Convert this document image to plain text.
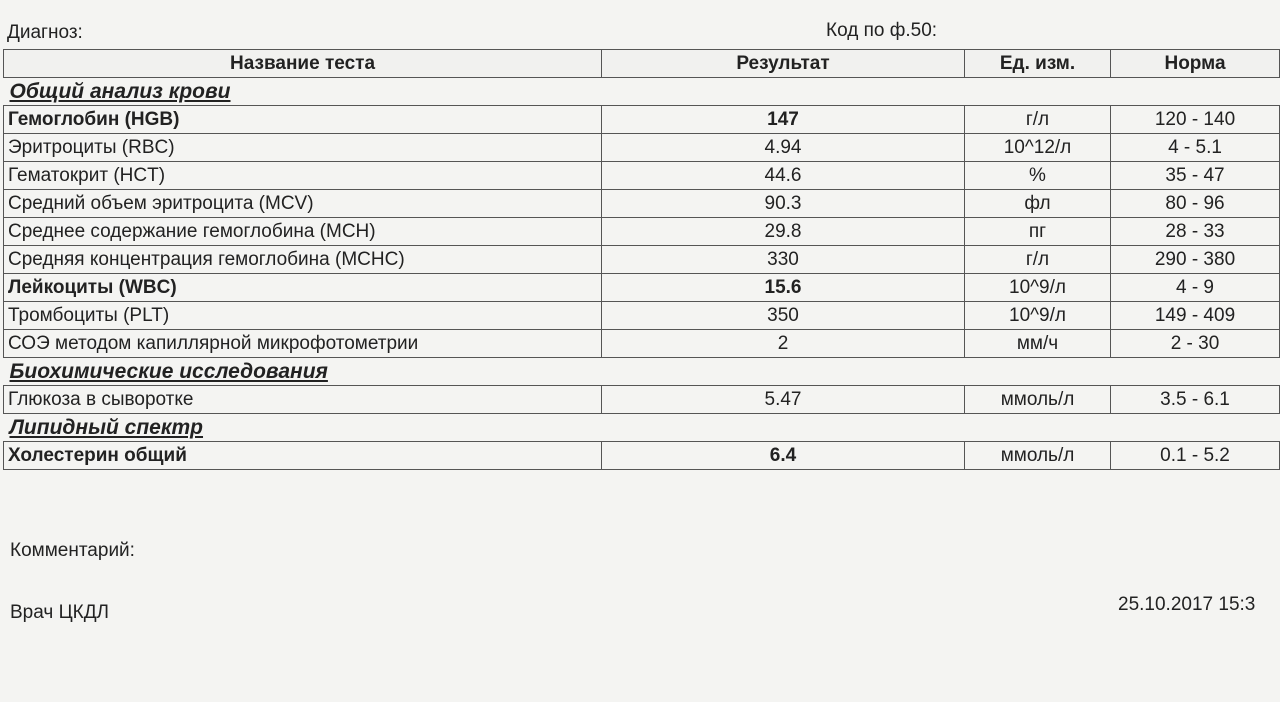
Диагноз:	Код по ф.50:
Название теста	Результат	Ед. изм.	Норма
Общий анализ крови			
Гемоглобин (HGB)	147	г/л	120 - 140
Эритроциты (RBC)	4.94	10^12/л	4 - 5.1
Гематокрит (HCT)	44.6	%	35 - 47
Средний объем эритроцита (MCV)	90.3	фл	80 - 96
Среднее содержание гемоглобина (MCH)	29.8	пг	28 - 33
Средняя концентрация гемоглобина (MCHC)	330	г/л	290 - 380
Лейкоциты (WBC)	15.6	10^9/л	4 - 9
Тромбоциты (PLT)	350	10^9/л	149 - 409
СОЭ методом капиллярной микрофотометрии	2	мм/ч	2 - 30
Биохимические исследования			
Глюкоза в сыворотке	5.47	ммоль/л	3.5 - 6.1
Липидный спектр			
Холестерин общий	6.4	ммоль/л	0.1 - 5.2
Комментарий:
Врач ЦКДЛ	25.10.2017 15:3
